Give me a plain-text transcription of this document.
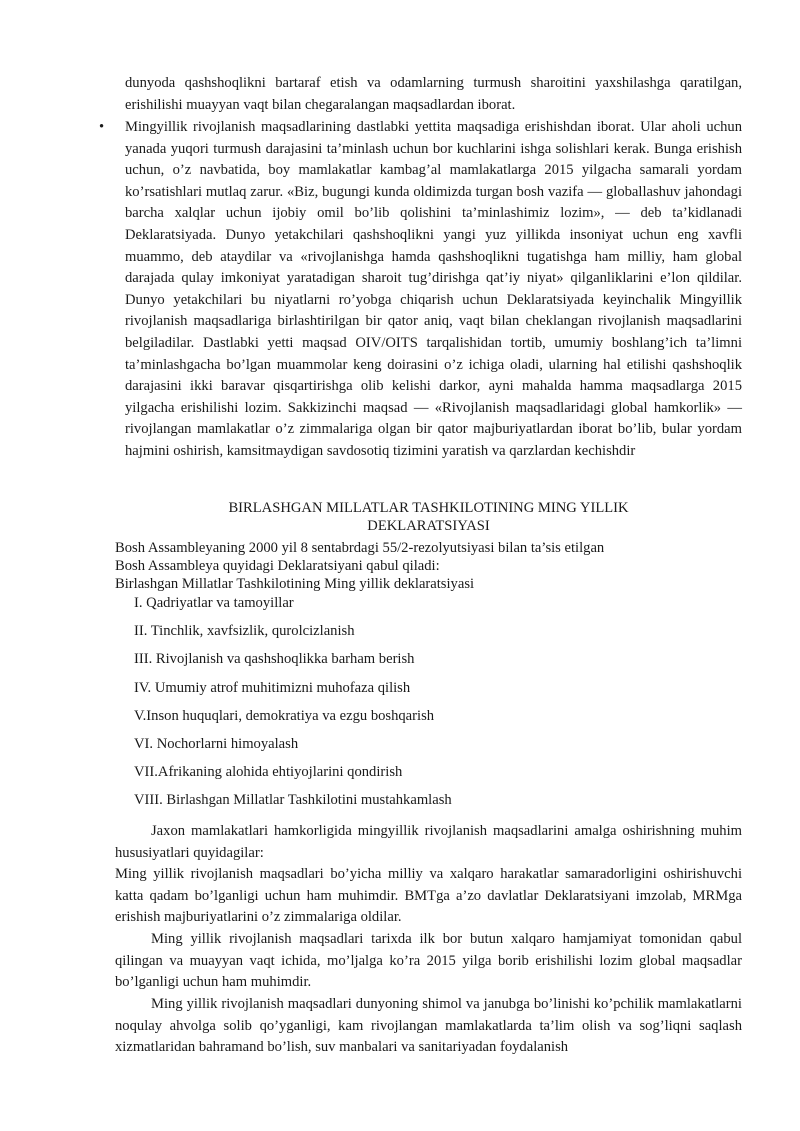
dunyoda qashshoqlikni bartaraf etish va odamlarning turmush sharoitini yaxshilashga qaratilgan, erishilishi muayyan vaqt bilan chegaralangan maqsadlardan iborat.

• Mingyillik rivojlanish maqsadlarining dastlabki yettita maqsadiga erishishdan iborat. Ular aholi uchun yanada yuqori turmush darajasini ta’minlash uchun bor kuchlarini ishga solishlari kerak. Bunga erishish uchun, o’z navbatida, boy mamlakatlar kambag’al mamlakatlarga 2015 yilgacha samarali yordam ko’rsatishlari mutlaq zarur. «Biz, bugungi kunda oldimizda turgan bosh vazifa — globallashuv jahondagi barcha xalqlar uchun ijobiy omil bo’lib qolishini ta’minlashimiz lozim», — deb ta’kidlanadi Deklaratsiyada. Dunyo yetakchilari qashshoqlikni yangi yuz yillikda insoniyat uchun eng xavfli muammo, deb ataydilar va «rivojlanishga hamda qashshoqlikni tugatishga ham milliy, ham global darajada qulay imkoniyat yaratadigan sharoit tug’dirishga qat’iy niyat» qilganliklarini e’lon qildilar. Dunyo yetakchilari bu niyatlarni ro’yobga chiqarish uchun Deklaratsiyada keyinchalik Mingyillik rivojlanish maqsadlariga birlashtirilgan bir qator aniq, vaqt bilan cheklangan rivojlanish maqsadlarini belgiladilar. Dastlabki yetti maqsad OIV/OITS tarqalishidan tortib, umumiy boshlang’ich ta’limni ta’minlashgacha bo’lgan muammolar keng doirasini o’z ichiga oladi, ularning hal etilishi qashshoqlik darajasini ikki baravar qisqartirishga olib kelishi darkor, ayni mahalda hamma maqsadlarga 2015 yilgacha erishilishi lozim. Sakkizinchi maqsad — «Rivojlanish maqsadlaridagi global hamkorlik» — rivojlangan mamlakatlar o’z zimmalariga olgan bir qator majburiyatlardan iborat bo’lib, bular yordam hajmini oshirish, kamsitmaydigan savdosotiq tizimini yaratish va qarzlardan kechishdir

BIRLASHGAN MILLATLAR TASHKILOTINING MING YILLIK
DEKLARATSIYASI

Bosh Assambleyaning 2000 yil 8 sentabrdagi 55/2-rezolyutsiyasi bilan ta’sis etilgan

Bosh Assambleya quyidagi Deklaratsiyani qabul qiladi:

Birlashgan Millatlar Tashkilotining Ming yillik deklaratsiyasi

I. Qadriyatlar va tamoyillar
II. Tinchlik, xavfsizlik, qurolcizlanish
III. Rivojlanish va qashshoqlikka barham berish
IV. Umumiy atrof muhitimizni muhofaza qilish
V.Inson huquqlari, demokratiya va ezgu boshqarish
VI. Nochorlarni himoyalash
VII.Afrikaning alohida ehtiyojlarini qondirish
VIII. Birlashgan Millatlar Tashkilotini mustahkamlash

Jaxon mamlakatlari hamkorligida mingyillik rivojlanish maqsadlarini amalga oshirishning muhim hususiyatlari quyidagilar:

Ming yillik rivojlanish maqsadlari bo’yicha milliy va xalqaro harakatlar samaradorligini oshirishuvchi katta qadam bo’lganligi uchun ham muhimdir. BMTga a’zo davlatlar Deklaratsiyani imzolab, MRMga erishish majburiyatlarini o’z zimmalariga oldilar.

Ming yillik rivojlanish maqsadlari tarixda ilk bor butun xalqaro hamjamiyat tomonidan qabul qilingan va muayyan vaqt ichida, mo’ljalga ko’ra 2015 yilga borib erishilishi lozim global maqsadlar bo’lganligi uchun ham muhimdir.

Ming yillik rivojlanish maqsadlari dunyoning shimol va janubga bo’linishi ko’pchilik mamlakatlarni noqulay ahvolga solib qo’yganligi, kam rivojlangan mamlakatlarda ta’lim olish va sog’liqni saqlash xizmatlaridan bahramand bo’lish, suv manbalari va sanitariyadan foydalanish
